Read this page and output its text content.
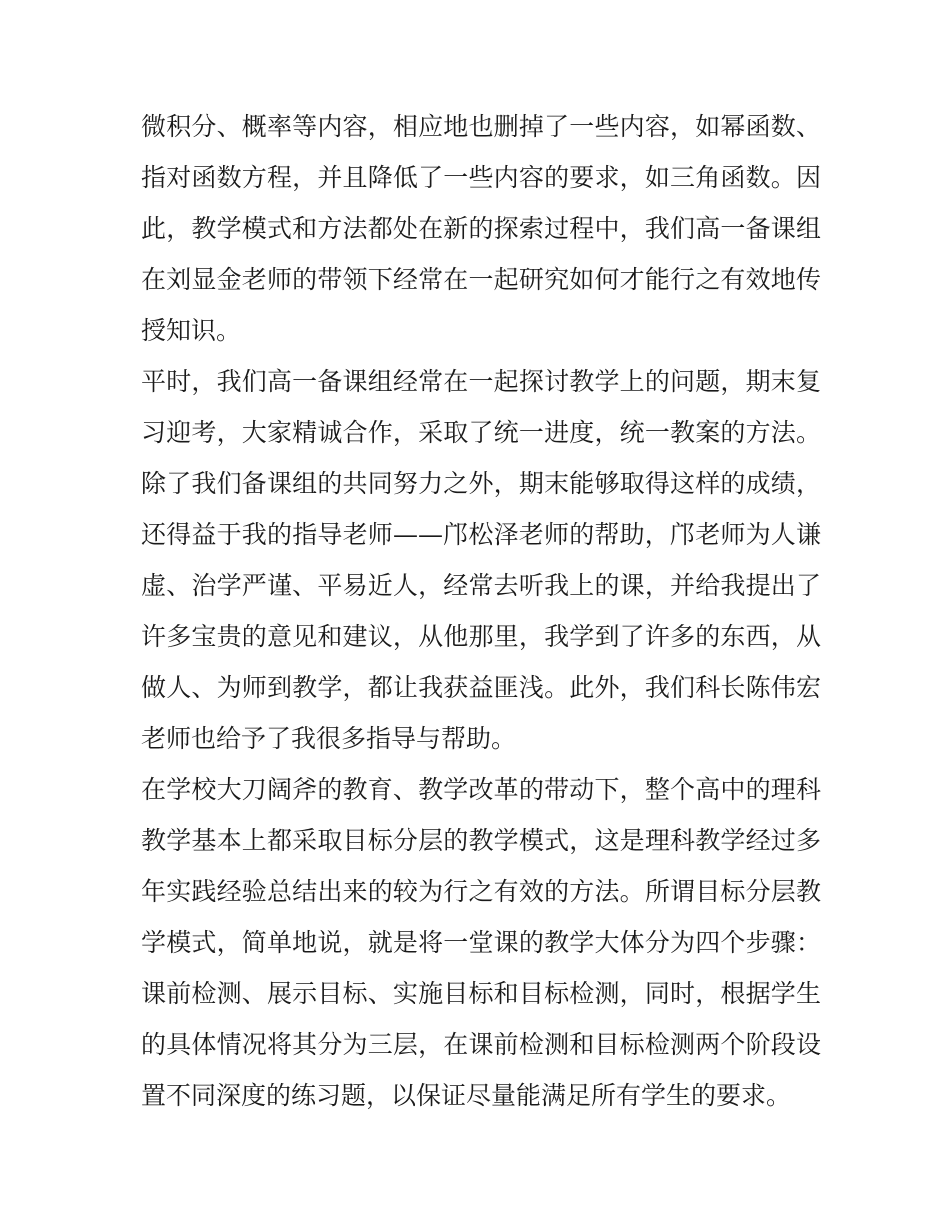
微积分、概率等内容，相应地也删掉了一些内容，如幂函数、
指对函数方程，并且降低了一些内容的要求，如三角函数。因
此，教学模式和方法都处在新的探索过程中，我们高一备课组
在刘显金老师的带领下经常在一起研究如何才能行之有效地传
授知识。
平时，我们高一备课组经常在一起探讨教学上的问题，期末复
习迎考，大家精诚合作，采取了统一进度，统一教案的方法。
除了我们备课组的共同努力之外，期末能够取得这样的成绩，
还得益于我的指导老师——邝松泽老师的帮助，邝老师为人谦
虚、治学严谨、平易近人，经常去听我上的课，并给我提出了
许多宝贵的意见和建议，从他那里，我学到了许多的东西，从
做人、为师到教学，都让我获益匪浅。此外，我们科长陈伟宏
老师也给予了我很多指导与帮助。
在学校大刀阔斧的教育、教学改革的带动下，整个高中的理科
教学基本上都采取目标分层的教学模式，这是理科教学经过多
年实践经验总结出来的较为行之有效的方法。所谓目标分层教
学模式，简单地说，就是将一堂课的教学大体分为四个步骤：
课前检测、展示目标、实施目标和目标检测，同时，根据学生
的具体情况将其分为三层，在课前检测和目标检测两个阶段设
置不同深度的练习题，以保证尽量能满足所有学生的要求。
